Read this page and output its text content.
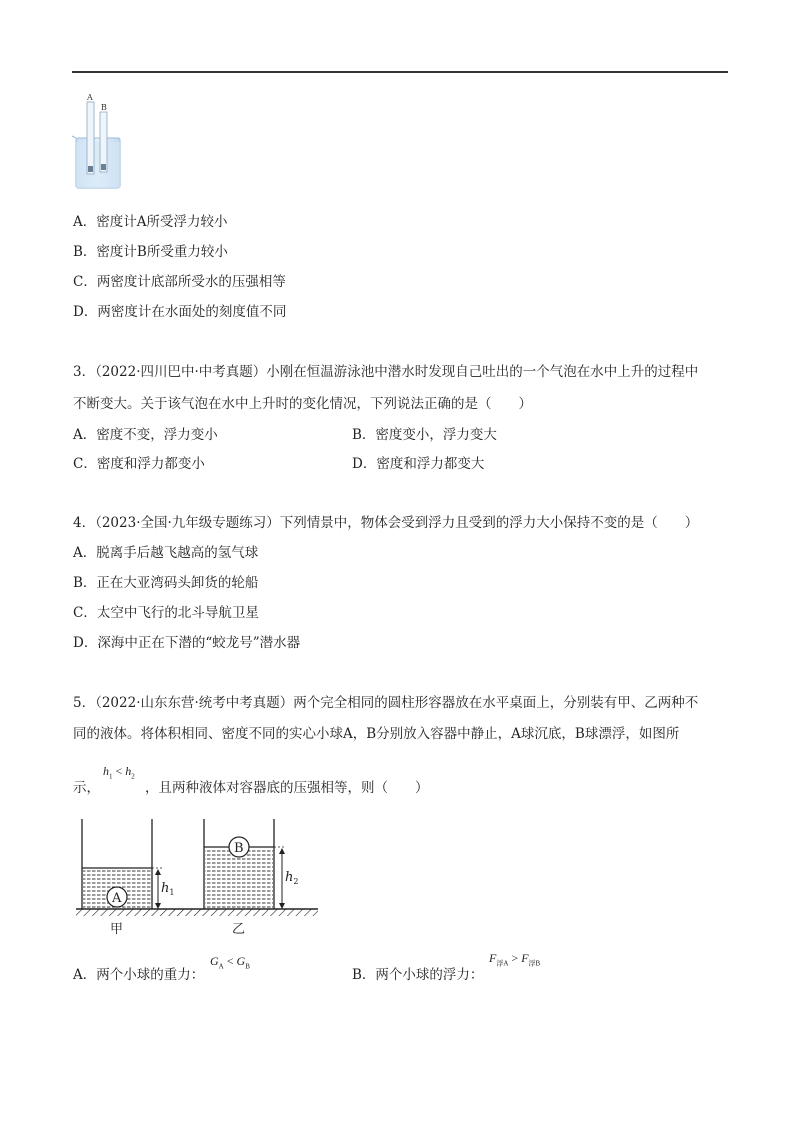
A
B
A．密度计A所受浮力较小
B．密度计B所受重力较小
C．两密度计底部所受水的压强相等
D．两密度计在水面处的刻度值不同
3．（2022·四川巴中·中考真题）小刚在恒温游泳池中潜水时发现自己吐出的一个气泡在水中上升的过程中
不断变大。关于该气泡在水中上升时的变化情况，下列说法正确的是（　　）
A．密度不变，浮力变小	B．密度变小，浮力变大
C．密度和浮力都变小	D．密度和浮力都变大
4．（2023·全国·九年级专题练习）下列情景中，物体会受到浮力且受到的浮力大小保持不变的是（　　）
A．脱离手后越飞越高的氢气球
B．正在大亚湾码头卸货的轮船
C．太空中飞行的北斗导航卫星
D．深海中正在下潜的“蛟龙号”潜水器
5．（2022·山东东营·统考中考真题）两个完全相同的圆柱形容器放在水平桌面上，分别装有甲、乙两种不
同的液体。将体积相同、密度不同的实心小球A，B分别放入容器中静止，A球沉底，B球漂浮，如图所
示，
$h_1 < h_2$
，且两种液体对容器底的压强相等，则（　　）
A
$h_1$
B
$h_2$
甲	乙
A．两个小球的重力：
$G_A < G_B$
B．两个小球的浮力：
$F_{浮A} > F_{浮B}$
